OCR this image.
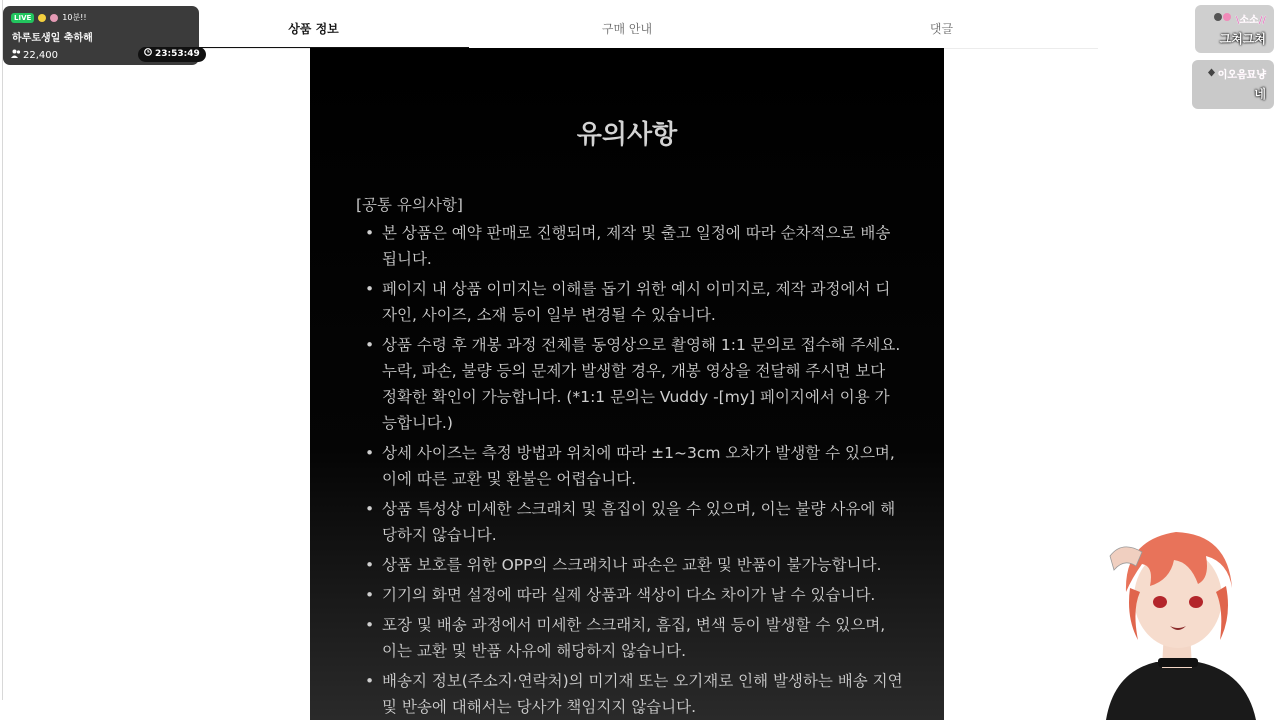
상품 정보	구매 안내	댓글
유의사항
[공통 유의사항]
• 본 상품은 예약 판매로 진행되며, 제작 및 출고 일정에 따라 순차적으로 배송됩니다.
• 페이지 내 상품 이미지는 이해를 돕기 위한 예시 이미지로, 제작 과정에서 디자인, 사이즈, 소재 등이 일부 변경될 수 있습니다.
• 상품 수령 후 개봉 과정 전체를 동영상으로 촬영해 1:1 문의로 접수해 주세요. 누락, 파손, 불량 등의 문제가 발생할 경우, 개봉 영상을 전달해 주시면 보다 정확한 확인이 가능합니다. (*1:1 문의는 Vuddy -[my] 페이지에서 이용 가능합니다.)
• 상세 사이즈는 측정 방법과 위치에 따라 ±1~3cm 오차가 발생할 수 있으며, 이에 따른 교환 및 환불은 어렵습니다.
• 상품 특성상 미세한 스크래치 및 흠집이 있을 수 있으며, 이는 불량 사유에 해당하지 않습니다.
• 상품 보호를 위한 OPP의 스크래치나 파손은 교환 및 반품이 불가능합니다.
• 기기의 화면 설정에 따라 실제 상품과 색상이 다소 차이가 날 수 있습니다.
• 포장 및 배송 과정에서 미세한 스크래치, 흠집, 변색 등이 발생할 수 있으며, 이는 교환 및 반품 사유에 해당하지 않습니다.
• 배송지 정보(주소지·연락처)의 미기재 또는 오기재로 인해 발생하는 배송 지연 및 반송에 대해서는 당사가 책임지지 않습니다.
LIVE	10분!!
하루토생일 축하해
22,400	23:53:49
\소소//
그쳐그쳐
이오음묘냥
네
